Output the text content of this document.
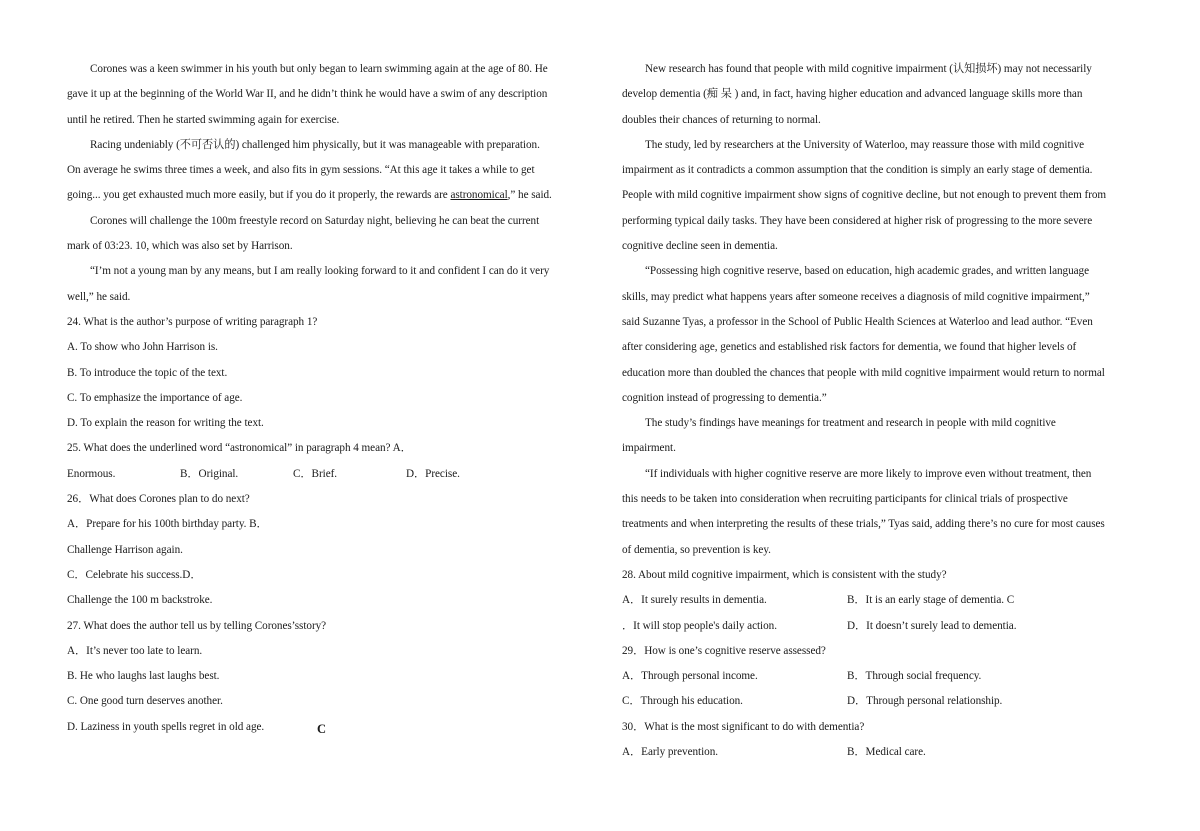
Corones was a keen swimmer in his youth but only began to learn swimming again at the age of 80. He
gave it up at the beginning of the World War II, and he didn’t think he would have a swim of any description
until he retired. Then he started swimming again for exercise.
Racing undeniably (不可否认的) challenged him physically, but it was manageable with preparation.
On average he swims three times a week, and also fits in gym sessions. “At this age it takes a while to get
going... you get exhausted much more easily, but if you do it properly, the rewards are astronomical,” he said.
Corones will challenge the 100m freestyle record on Saturday night, believing he can beat the current
mark of 03:23. 10, which was also set by Harrison.
“I’m not a young man by any means, but I am really looking forward to it and confident I can do it very
well,” he said.
24. What is the author’s purpose of writing paragraph 1?
A. To show who John Harrison is.
B. To introduce the topic of the text.
C. To emphasize the importance of age.
D. To explain the reason for writing the text.
25. What does the underlined word “astronomical” in paragraph 4 mean? A．
Enormous.	B．Original.	C．Brief.	D．Precise.
26．What does Corones plan to do next?
A．Prepare for his 100th birthday party. B．
Challenge Harrison again.
C．Celebrate his success.D．
Challenge the 100 m backstroke.
27. What does the author tell us by telling Corones’sstory?
A．It’s never too late to learn.
B. He who laughs last laughs best.
C. One good turn deserves another.
D. Laziness in youth spells regret in old age.	C
New research has found that people with mild cognitive impairment (认知损坏) may not necessarily
develop dementia (痴 呆 ) and, in fact, having higher education and advanced language skills more than
doubles their chances of returning to normal.
The study, led by researchers at the University of Waterloo, may reassure those with mild cognitive
impairment as it contradicts a common assumption that the condition is simply an early stage of dementia.
People with mild cognitive impairment show signs of cognitive decline, but not enough to prevent them from
performing typical daily tasks. They have been considered at higher risk of progressing to the more severe
cognitive decline seen in dementia.
“Possessing high cognitive reserve, based on education, high academic grades, and written language
skills, may predict what happens years after someone receives a diagnosis of mild cognitive impairment,”
said Suzanne Tyas, a professor in the School of Public Health Sciences at Waterloo and lead author. “Even
after considering age, genetics and established risk factors for dementia, we found that higher levels of
education more than doubled the chances that people with mild cognitive impairment would return to normal
cognition instead of progressing to dementia.”
The study’s findings have meanings for treatment and research in people with mild cognitive
impairment.
“If individuals with higher cognitive reserve are more likely to improve even without treatment, then
this needs to be taken into consideration when recruiting participants for clinical trials of prospective
treatments and when interpreting the results of these trials,” Tyas said, adding there’s no cure for most causes
of dementia, so prevention is key.
28. About mild cognitive impairment, which is consistent with the study?
A．It surely results in dementia.	B．It is an early stage of dementia. C
．It will stop people's daily action.	D．It doesn’t surely lead to dementia.
29．How is one’s cognitive reserve assessed?
A．Through personal income.	B．Through social frequency.
C．Through his education.	D．Through personal relationship.
30．What is the most significant to do with dementia?
A．Early prevention.	B．Medical care.
